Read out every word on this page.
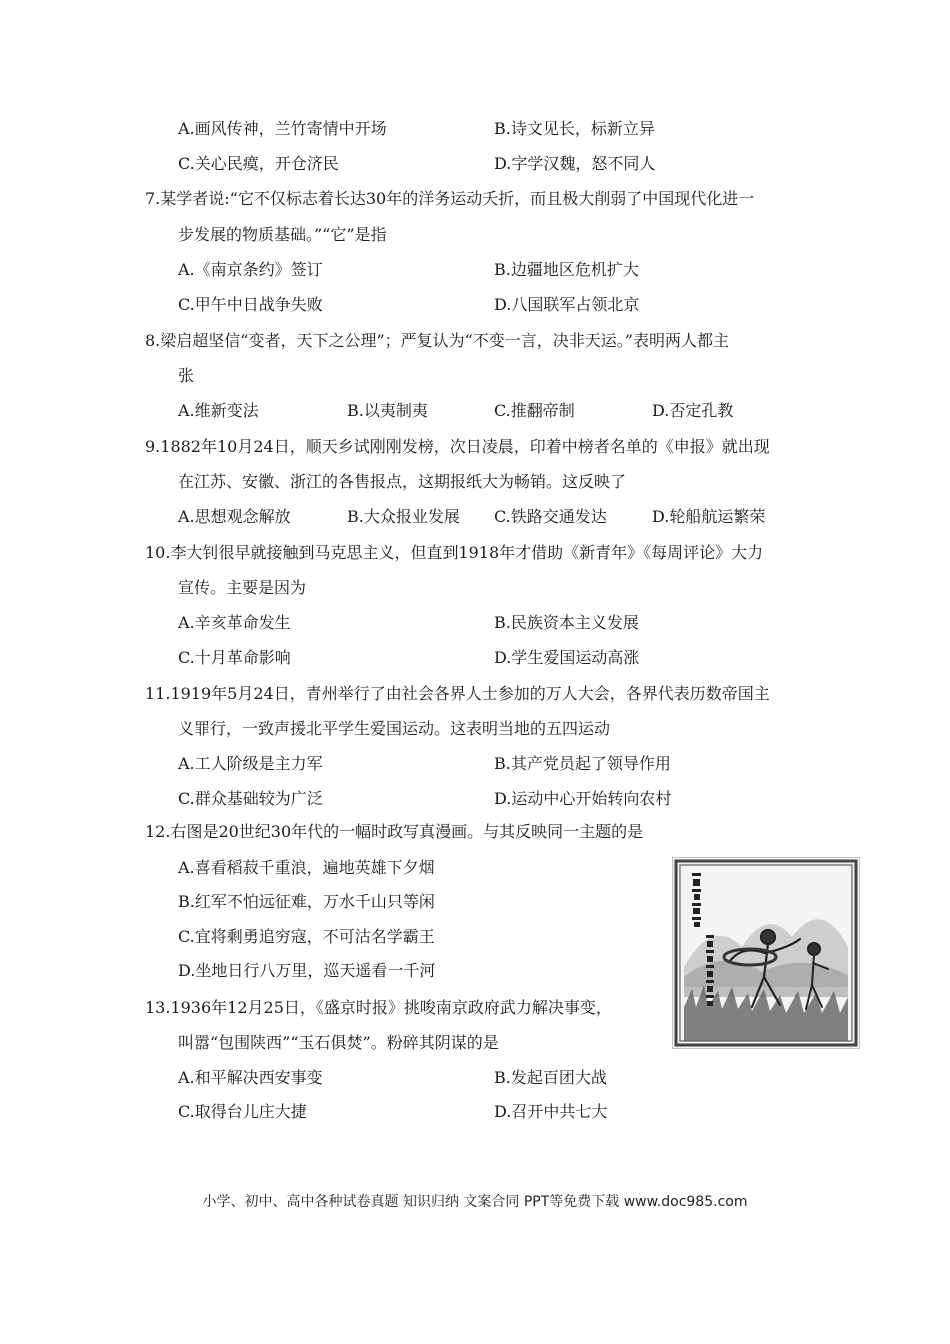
A.画风传神，兰竹寄情中开场	B.诗文见长，标新立异
C.关心民瘼，开仓济民	D.字学汉魏，怒不同人
7.某学者说:“它不仅标志着长达30年的洋务运动夭折，而且极大削弱了中国现代化进一
步发展的物质基础。”“它”是指
A.《南京条约》签订	B.边疆地区危机扩大
C.甲午中日战争失败	D.八国联军占领北京
8.梁启超坚信“变者，天下之公理”；严复认为“不变一言，决非天运。”表明两人都主
张
A.维新变法	B.以夷制夷	C.推翻帝制	D.否定孔教
9.1882年10月24日，顺天乡试刚刚发榜，次日凌晨，印着中榜者名单的《申报》就出现
在江苏、安徽、浙江的各售报点，这期报纸大为畅销。这反映了
A.思想观念解放	B.大众报业发展 C.铁路交通发达	D.轮船航运繁荣
10.李大钊很早就接触到马克思主义，但直到1918年才借助《新青年》《每周评论》大力
宣传。主要是因为
A.辛亥革命发生	B.民族资本主义发展
C.十月革命影响	D.学生爱国运动高涨
11.1919年5月24日，青州举行了由社会各界人士参加的万人大会，各界代表历数帝国主
义罪行，一致声援北平学生爱国运动。这表明当地的五四运动
A.工人阶级是主力军	B.其产党员起了领导作用
C.群众基础较为广泛	D.运动中心开始转向农村
12.右图是20世纪30年代的一幅时政写真漫画。与其反映同一主题的是
A.喜看稻菽千重浪，遍地英雄下夕烟
B.红军不怕远征难，万水千山只等闲
C.宜将剩勇追穷寇，不可沽名学霸王
D.坐地日行八万里，巡天遥看一千河
13.1936年12月25日，《盛京时报》挑唆南京政府武力解决事变，
叫嚣“包围陕西”“玉石俱焚”。粉碎其阴谋的是
A.和平解决西安事变	B.发起百团大战
C.取得台儿庄大捷	D.召开中共七大
小学、初中、高中各种试卷真题 知识归纳 文案合同 PPT等免费下载 www.doc985.com
